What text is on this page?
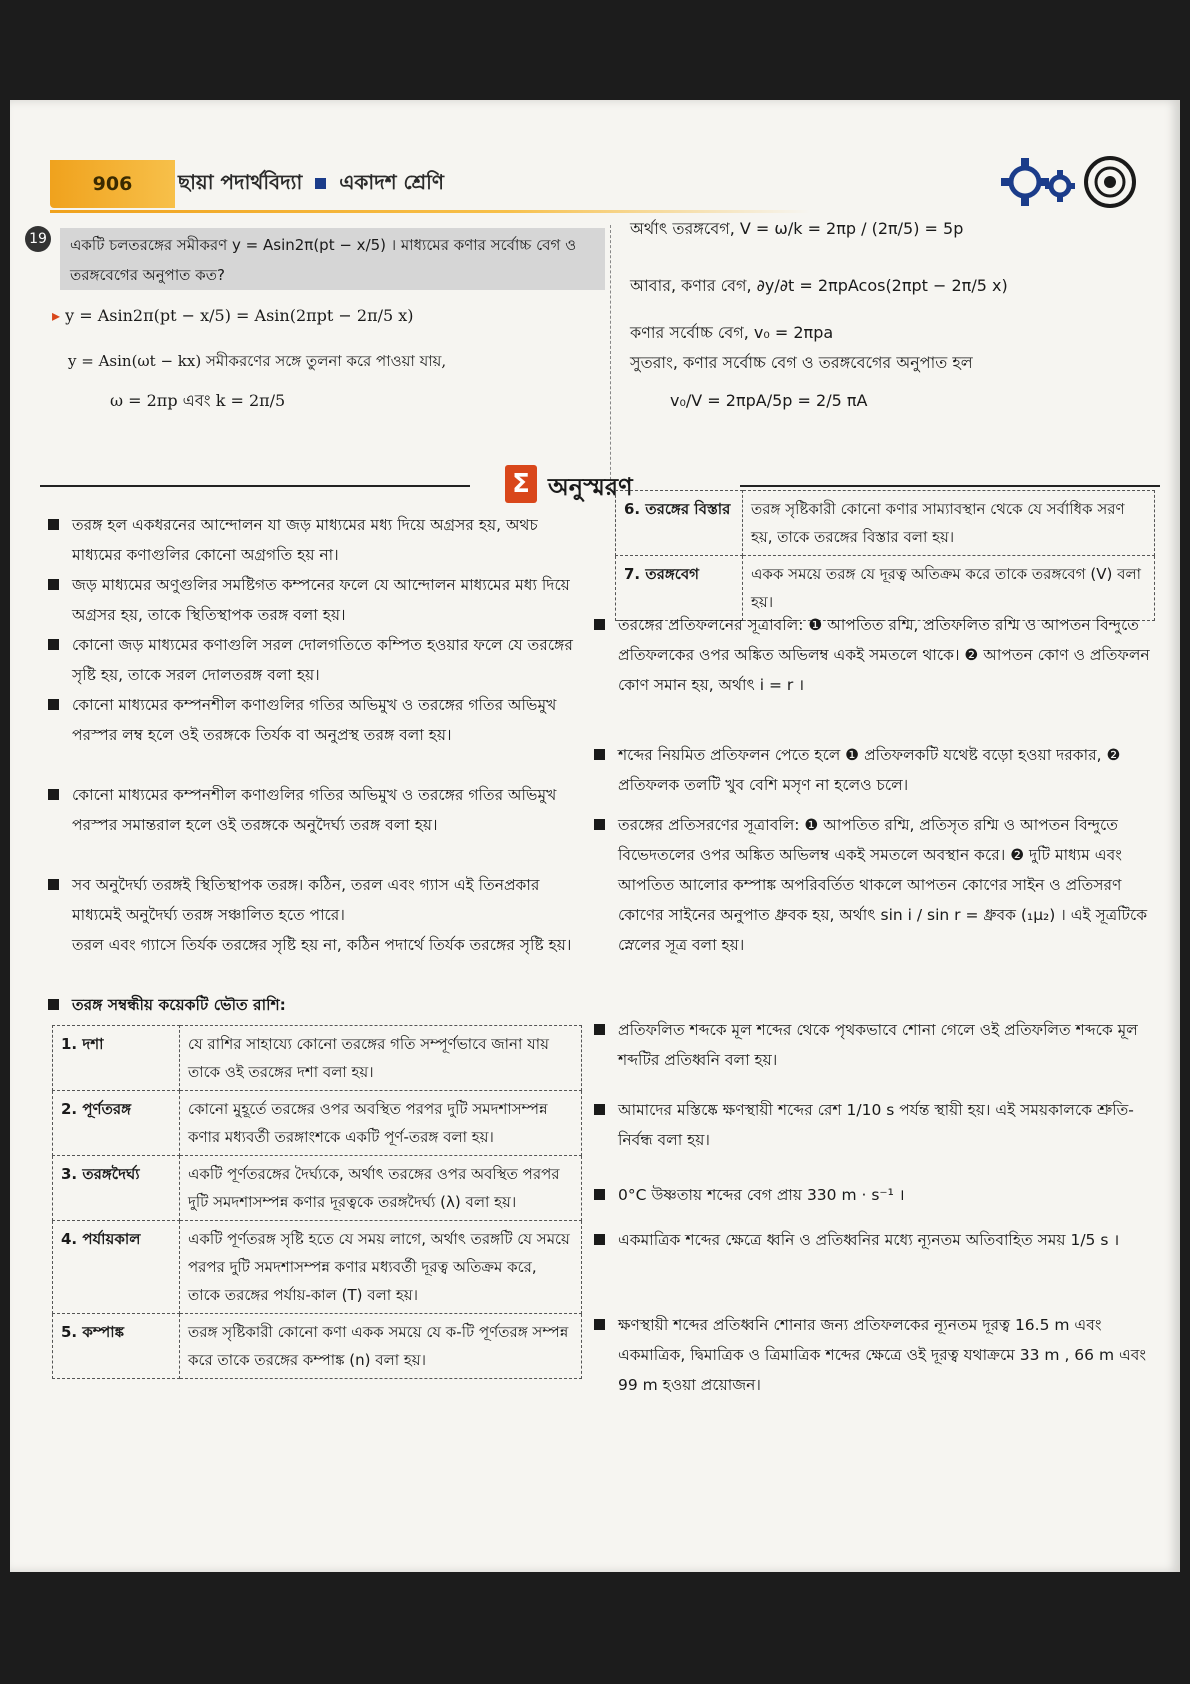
906	ছায়া পদার্থবিদ্যা একাদশ শ্রেণি
19 একটি চলতরঙ্গের সমীকরণ y = Asin2π(pt − x/5) । মাধ্যমের কণার সর্বোচ্চ বেগ ও তরঙ্গবেগের অনুপাত কত?
▸ y = Asin2π(pt − x/5) = Asin(2πpt − 2π/5 x)
y = Asin(ωt − kx) সমীকরণের সঙ্গে তুলনা করে পাওয়া যায়,
ω = 2πp এবং k = 2π/5
অর্থাৎ তরঙ্গবেগ, V = ω/k = 2πp / (2π/5) = 5p
আবার, কণার বেগ, ∂y/∂t = 2πpAcos(2πpt − 2π/5 x)
কণার সর্বোচ্চ বেগ, v₀ = 2πpa
সুতরাং, কণার সর্বোচ্চ বেগ ও তরঙ্গবেগের অনুপাত হল
v₀/V = 2πpA/5p = 2/5 πA
Σ অনুস্মরণ
তরঙ্গ হল একধরনের আন্দোলন যা জড় মাধ্যমের মধ্য দিয়ে অগ্রসর হয়, অথচ মাধ্যমের কণাগুলির কোনো অগ্রগতি হয় না।
জড় মাধ্যমের অণুগুলির সমষ্টিগত কম্পনের ফলে যে আন্দোলন মাধ্যমের মধ্য দিয়ে অগ্রসর হয়, তাকে স্থিতিস্থাপক তরঙ্গ বলা হয়।
কোনো জড় মাধ্যমের কণাগুলি সরল দোলগতিতে কম্পিত হওয়ার ফলে যে তরঙ্গের সৃষ্টি হয়, তাকে সরল দোলতরঙ্গ বলা হয়।
কোনো মাধ্যমের কম্পনশীল কণাগুলির গতির অভিমুখ ও তরঙ্গের গতির অভিমুখ পরস্পর লম্ব হলে ওই তরঙ্গকে তির্যক বা অনুপ্রস্থ তরঙ্গ বলা হয়।
কোনো মাধ্যমের কম্পনশীল কণাগুলির গতির অভিমুখ ও তরঙ্গের গতির অভিমুখ পরস্পর সমান্তরাল হলে ওই তরঙ্গকে অনুদৈর্ঘ্য তরঙ্গ বলা হয়।
সব অনুদৈর্ঘ্য তরঙ্গই স্থিতিস্থাপক তরঙ্গ। কঠিন, তরল এবং গ্যাস এই তিনপ্রকার মাধ্যমেই অনুদৈর্ঘ্য তরঙ্গ সঞ্চালিত হতে পারে।
তরল এবং গ্যাসে তির্যক তরঙ্গের সৃষ্টি হয় না, কঠিন পদার্থে তির্যক তরঙ্গের সৃষ্টি হয়।
তরঙ্গ সম্বন্ধীয় কয়েকটি ভৌত রাশি:
1. দশা	যে রাশির সাহায্যে কোনো তরঙ্গের গতি সম্পূর্ণভাবে জানা যায় তাকে ওই তরঙ্গের দশা বলা হয়।
2. পূর্ণতরঙ্গ	কোনো মুহূর্তে তরঙ্গের ওপর অবস্থিত পরপর দুটি সমদশাসম্পন্ন কণার মধ্যবর্তী তরঙ্গাংশকে একটি পূর্ণ-তরঙ্গ বলা হয়।
3. তরঙ্গদৈর্ঘ্য	একটি পূর্ণতরঙ্গের দৈর্ঘ্যকে, অর্থাৎ তরঙ্গের ওপর অবস্থিত পরপর দুটি সমদশাসম্পন্ন কণার দূরত্বকে তরঙ্গদৈর্ঘ্য (λ) বলা হয়।
4. পর্যায়কাল	একটি পূর্ণতরঙ্গ সৃষ্টি হতে যে সময় লাগে, অর্থাৎ তরঙ্গটি যে সময়ে পরপর দুটি সমদশাসম্পন্ন কণার মধ্যবর্তী দূরত্ব অতিক্রম করে, তাকে তরঙ্গের পর্যায়-কাল (T) বলা হয়।
5. কম্পাঙ্ক	তরঙ্গ সৃষ্টিকারী কোনো কণা একক সময়ে যে ক-টি পূর্ণতরঙ্গ সম্পন্ন করে তাকে তরঙ্গের কম্পাঙ্ক (n) বলা হয়।
6. তরঙ্গের বিস্তার	তরঙ্গ সৃষ্টিকারী কোনো কণার সাম্যাবস্থান থেকে যে সর্বাধিক সরণ হয়, তাকে তরঙ্গের বিস্তার বলা হয়।
7. তরঙ্গবেগ	একক সময়ে তরঙ্গ যে দূরত্ব অতিক্রম করে তাকে তরঙ্গবেগ (V) বলা হয়।
তরঙ্গের প্রতিফলনের সূত্রাবলি: ❶ আপতিত রশ্মি, প্রতিফলিত রশ্মি ও আপতন বিন্দুতে প্রতিফলকের ওপর অঙ্কিত অভিলম্ব একই সমতলে থাকে। ❷ আপতন কোণ ও প্রতিফলন কোণ সমান হয়, অর্থাৎ i = r ।
শব্দের নিয়মিত প্রতিফলন পেতে হলে ❶ প্রতিফলকটি যথেষ্ট বড়ো হওয়া দরকার, ❷ প্রতিফলক তলটি খুব বেশি মসৃণ না হলেও চলে।
তরঙ্গের প্রতিসরণের সূত্রাবলি: ❶ আপতিত রশ্মি, প্রতিসৃত রশ্মি ও আপতন বিন্দুতে বিভেদতলের ওপর অঙ্কিত অভিলম্ব একই সমতলে অবস্থান করে। ❷ দুটি মাধ্যম এবং আপতিত আলোর কম্পাঙ্ক অপরিবর্তিত থাকলে আপতন কোণের সাইন ও প্রতিসরণ কোণের সাইনের অনুপাত ধ্রুবক হয়, অর্থাৎ sin i / sin r = ধ্রুবক (₁μ₂) । এই সূত্রটিকে স্নেলের সূত্র বলা হয়।
প্রতিফলিত শব্দকে মূল শব্দের থেকে পৃথকভাবে শোনা গেলে ওই প্রতিফলিত শব্দকে মূল শব্দটির প্রতিধ্বনি বলা হয়।
আমাদের মস্তিষ্কে ক্ষণস্থায়ী শব্দের রেশ 1/10 s পর্যন্ত স্থায়ী হয়। এই সময়কালকে শ্রুতি-নির্বন্ধ বলা হয়।
0°C উষ্ণতায় শব্দের বেগ প্রায় 330 m · s⁻¹ ।
একমাত্রিক শব্দের ক্ষেত্রে ধ্বনি ও প্রতিধ্বনির মধ্যে ন্যূনতম অতিবাহিত সময় 1/5 s ।
ক্ষণস্থায়ী শব্দের প্রতিধ্বনি শোনার জন্য প্রতিফলকের ন্যূনতম দূরত্ব 16.5 m এবং একমাত্রিক, দ্বিমাত্রিক ও ত্রিমাত্রিক শব্দের ক্ষেত্রে ওই দূরত্ব যথাক্রমে 33 m , 66 m এবং 99 m হওয়া প্রয়োজন।
